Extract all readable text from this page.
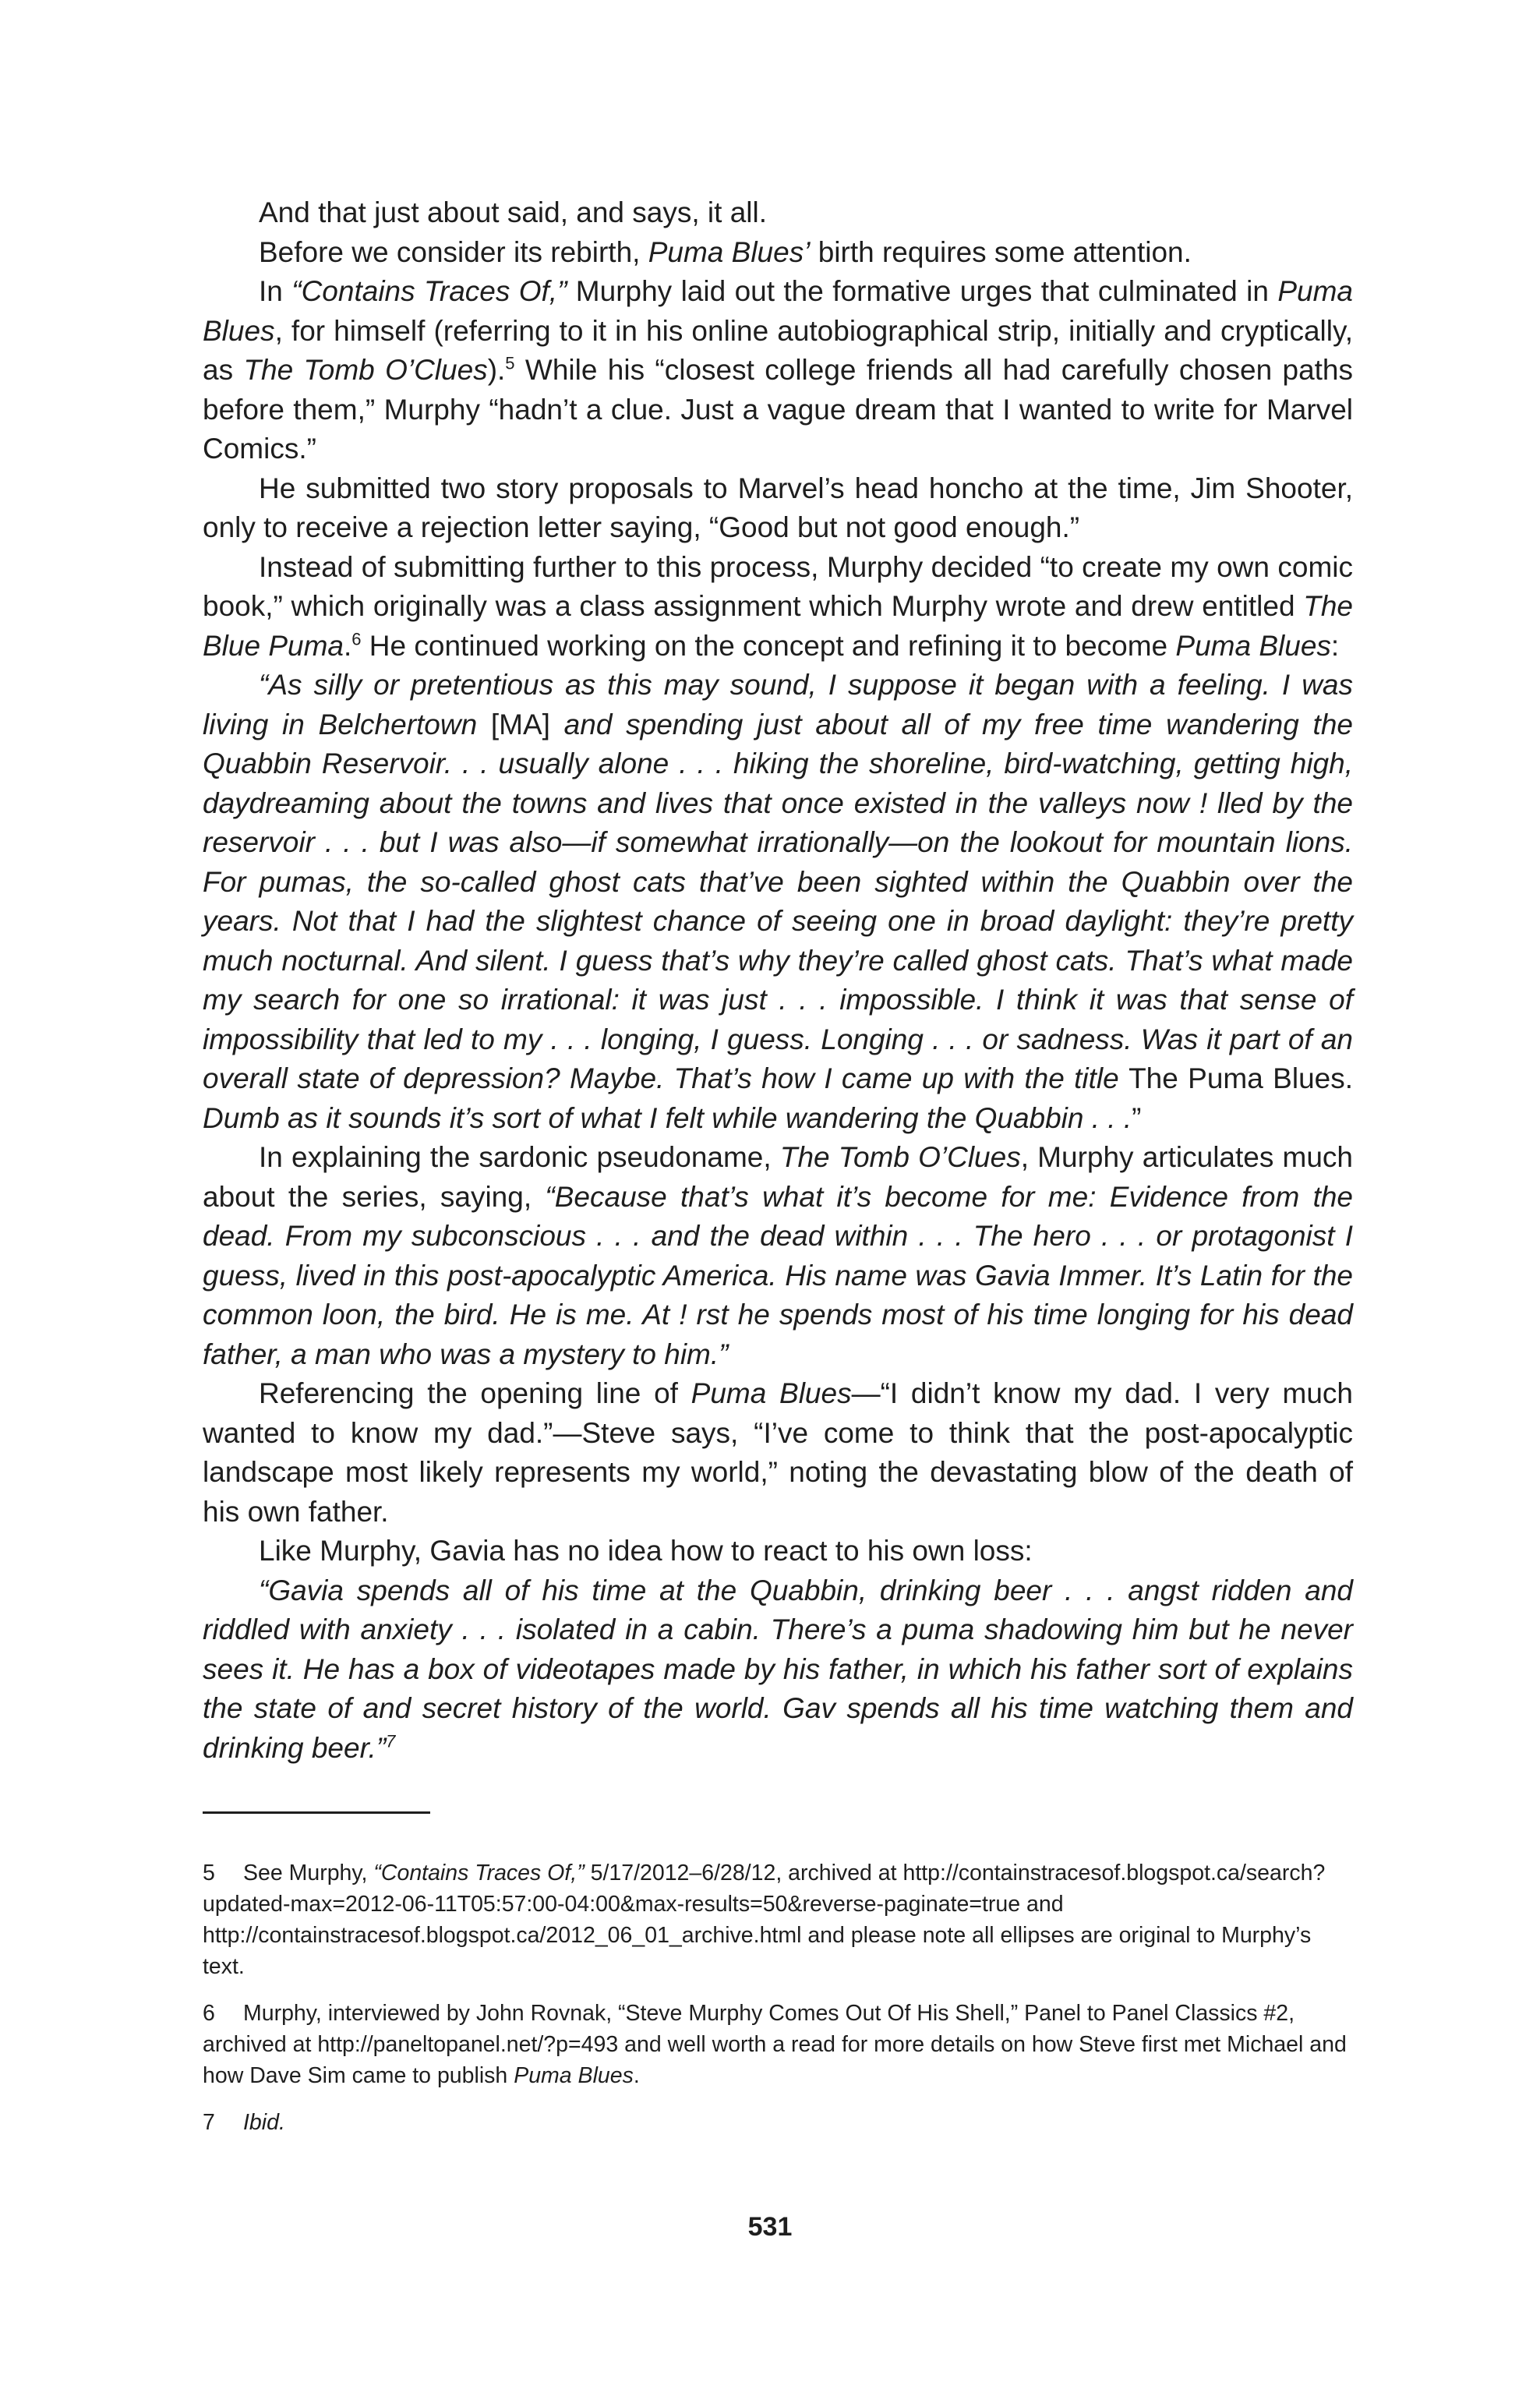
And that just about said, and says, it all.

Before we consider its rebirth, Puma Blues’ birth requires some attention.

In “Contains Traces Of,” Murphy laid out the formative urges that culminated in Puma Blues, for himself (referring to it in his online autobiographical strip, initially and cryptically, as The Tomb O’Clues).$^5$ While his “closest college friends all had carefully chosen paths before them,” Murphy “hadn’t a clue. Just a vague dream that I wanted to write for Marvel Comics.”

He submitted two story proposals to Marvel’s head honcho at the time, Jim Shooter, only to receive a rejection letter saying, “Good but not good enough.”

Instead of submitting further to this process, Murphy decided “to create my own comic book,” which originally was a class assignment which Murphy wrote and drew entitled The Blue Puma.$^6$ He continued working on the concept and refining it to become Puma Blues:

“As silly or pretentious as this may sound, I suppose it began with a feeling. I was living in Belchertown [MA] and spending just about all of my free time wandering the Quabbin Reservoir. . . usually alone . . . hiking the shoreline, bird-watching, getting high, daydreaming about the towns and lives that once existed in the valleys now ! lled by the reservoir . . . but I was also—if somewhat irrationally—on the lookout for mountain lions. For pumas, the so-called ghost cats that’ve been sighted within the Quabbin over the years. Not that I had the slightest chance of seeing one in broad daylight: they’re pretty much nocturnal. And silent. I guess that’s why they’re called ghost cats. That’s what made my search for one so irrational: it was just . . . impossible. I think it was that sense of impossibility that led to my . . . longing, I guess. Longing . . . or sadness. Was it part of an overall state of depression? Maybe. That’s how I came up with the title The Puma Blues. Dumb as it sounds it’s sort of what I felt while wandering the Quabbin . . .”

In explaining the sardonic pseudoname, The Tomb O’Clues, Murphy articulates much about the series, saying, “Because that’s what it’s become for me: Evidence from the dead. From my subconscious . . . and the dead within . . . The hero . . . or protagonist I guess, lived in this post-apocalyptic America. His name was Gavia Immer. It’s Latin for the common loon, the bird. He is me. At ! rst he spends most of his time longing for his dead father, a man who was a mystery to him.”

Referencing the opening line of Puma Blues—“I didn’t know my dad. I very much wanted to know my dad.”—Steve says, “I’ve come to think that the post-apocalyptic landscape most likely represents my world,” noting the devastating blow of the death of his own father.

Like Murphy, Gavia has no idea how to react to his own loss:

“Gavia spends all of his time at the Quabbin, drinking beer . . . angst ridden and riddled with anxiety . . . isolated in a cabin. There’s a puma shadowing him but he never sees it. He has a box of videotapes made by his father, in which his father sort of explains the state of and secret history of the world. Gav spends all his time watching them and drinking beer.”$^7$

5 See Murphy, “Contains Traces Of,” 5/17/2012–6/28/12, archived at http://containstracesof.blogspot.ca/search?updated-max=2012-06-11T05:57:00-04:00&max-results=50&reverse-paginate=true and http://containstracesof.blogspot.ca/2012_06_01_archive.html and please note all ellipses are original to Murphy’s text.

6 Murphy, interviewed by John Rovnak, “Steve Murphy Comes Out Of His Shell,” Panel to Panel Classics #2, archived at http://paneltopanel.net/?p=493 and well worth a read for more details on how Steve first met Michael and how Dave Sim came to publish Puma Blues.

7 Ibid.

531
